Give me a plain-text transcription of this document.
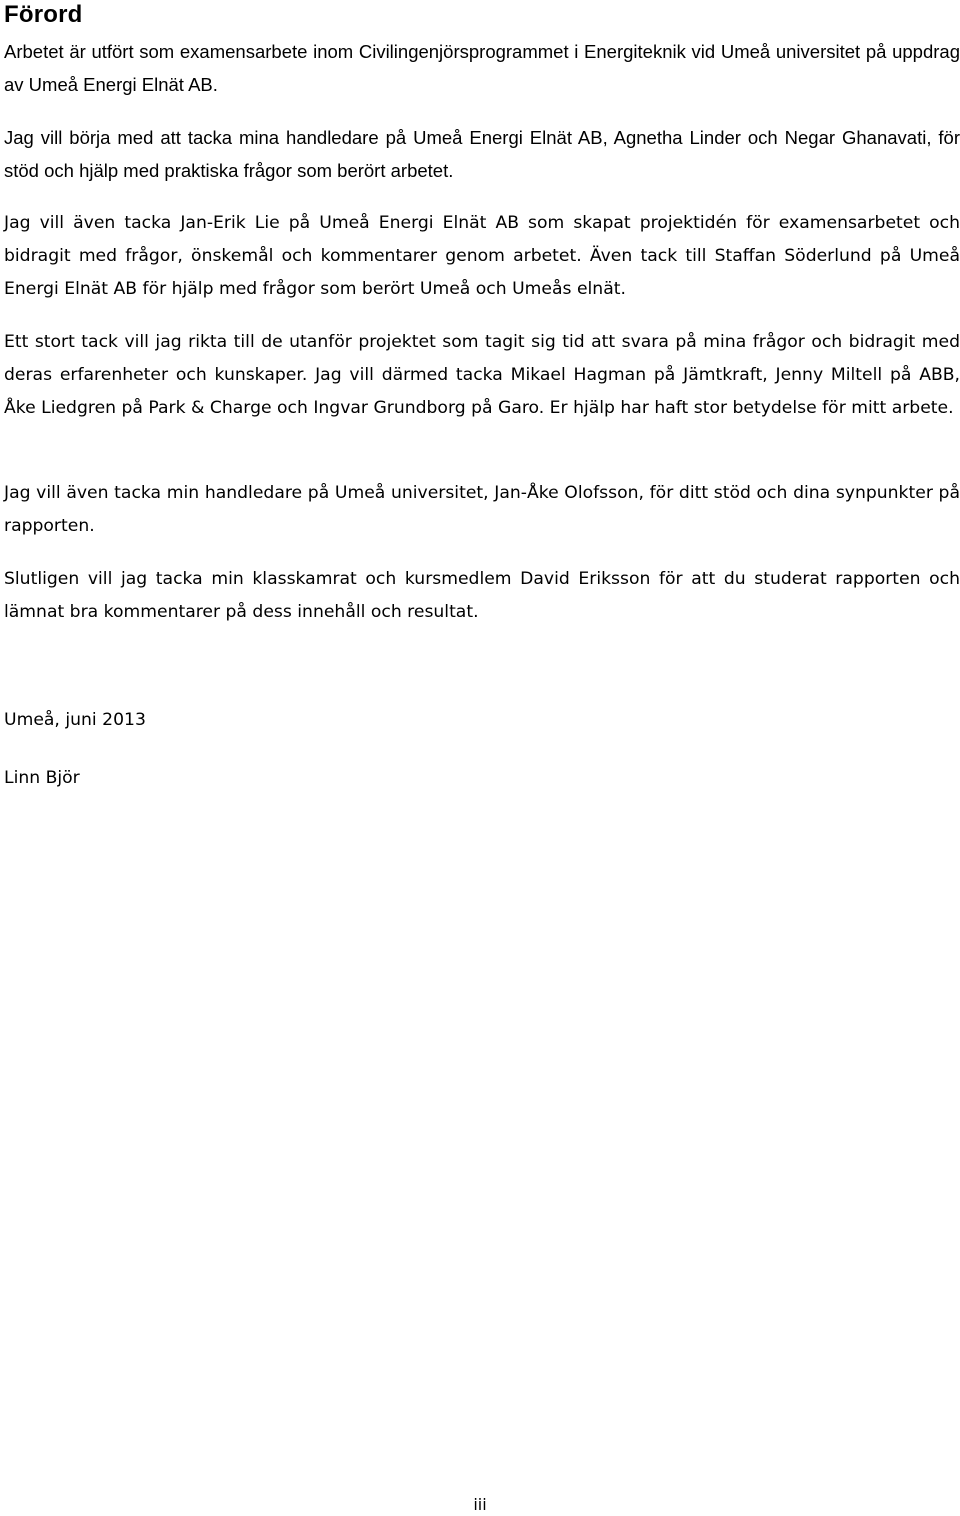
Förord

Arbetet är utfört som examensarbete inom Civilingenjörsprogrammet i Energiteknik vid Umeå universitet på uppdrag av Umeå Energi Elnät AB.

Jag vill börja med att tacka mina handledare på Umeå Energi Elnät AB, Agnetha Linder och Negar Ghanavati, för stöd och hjälp med praktiska frågor som berört arbetet.

Jag vill även tacka Jan-Erik Lie på Umeå Energi Elnät AB som skapat projektidén för examensarbetet och bidragit med frågor, önskemål och kommentarer genom arbetet. Även tack till Staffan Söderlund på Umeå Energi Elnät AB för hjälp med frågor som berört Umeå och Umeås elnät.

Ett stort tack vill jag rikta till de utanför projektet som tagit sig tid att svara på mina frågor och bidragit med deras erfarenheter och kunskaper. Jag vill därmed tacka Mikael Hagman på Jämtkraft, Jenny Miltell på ABB, Åke Liedgren på Park & Charge och Ingvar Grundborg på Garo. Er hjälp har haft stor betydelse för mitt arbete.

Jag vill även tacka min handledare på Umeå universitet, Jan-Åke Olofsson, för ditt stöd och dina synpunkter på rapporten.

Slutligen vill jag tacka min klasskamrat och kursmedlem David Eriksson för att du studerat rapporten och lämnat bra kommentarer på dess innehåll och resultat.

Umeå, juni 2013

Linn Björ

iii
